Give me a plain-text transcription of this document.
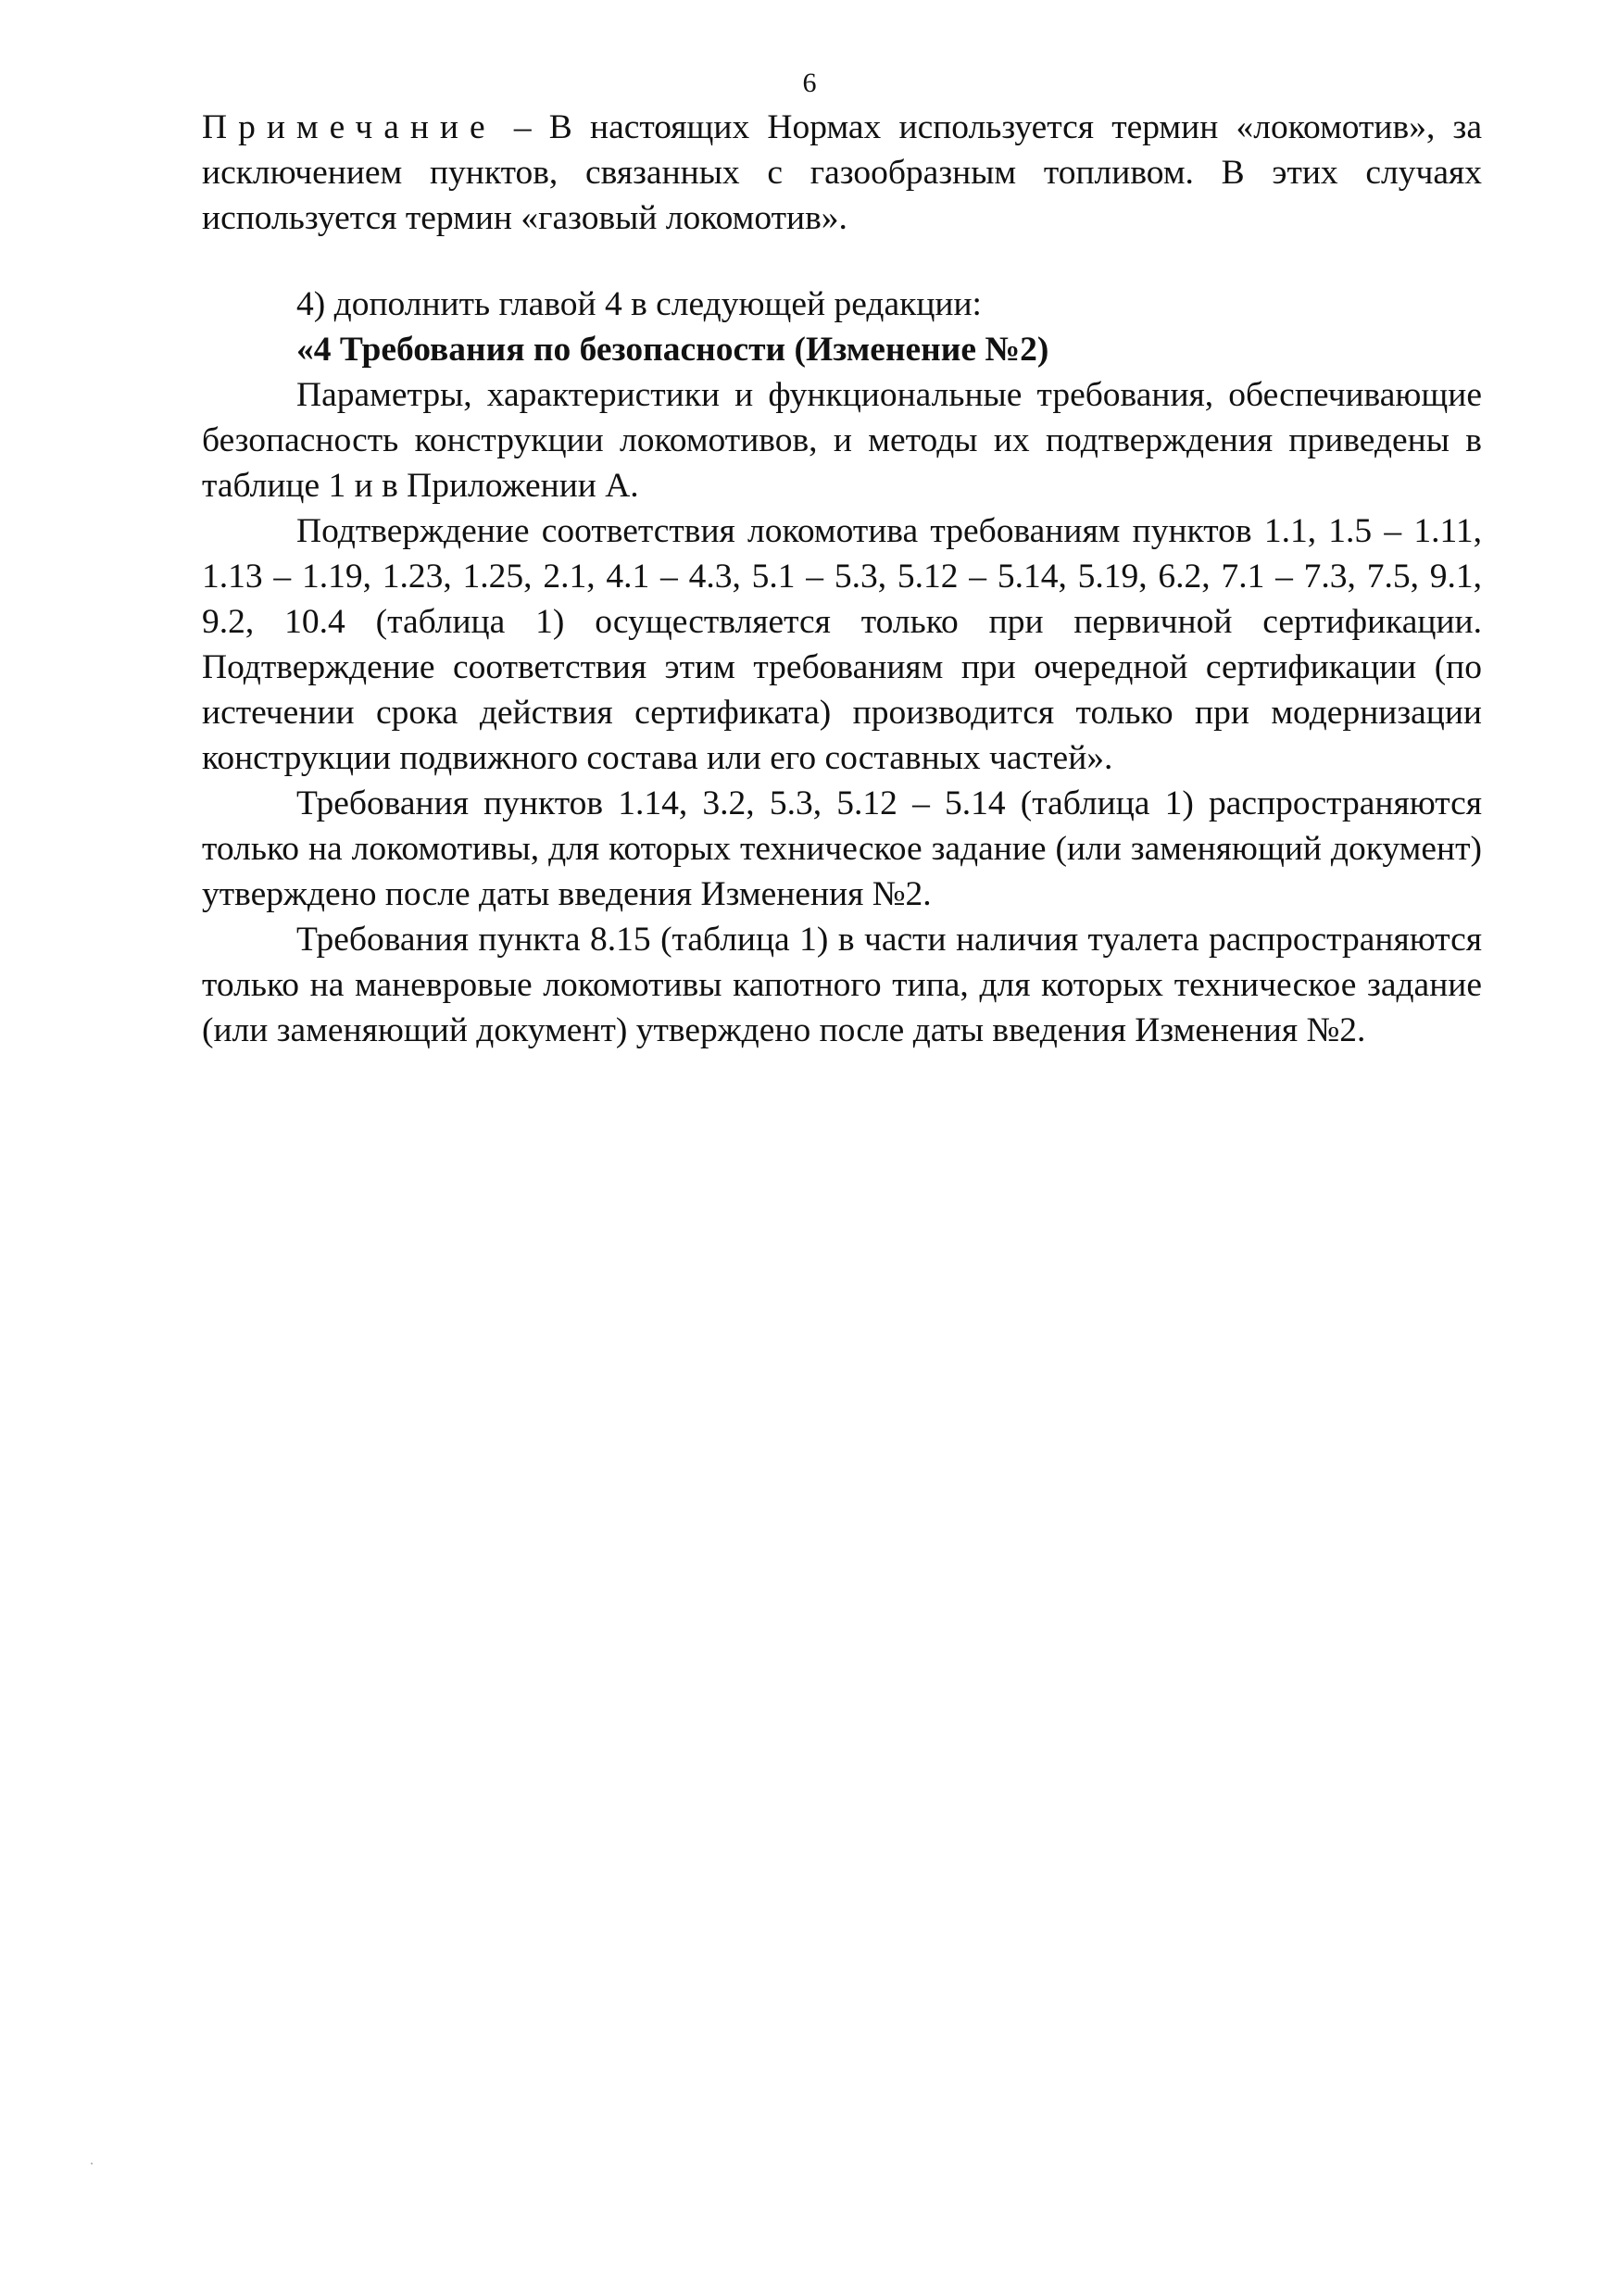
6

Примечание – В настоящих Нормах используется термин «локомотив», за исключением пунктов, связанных с газообразным топливом. В этих случаях используется термин «газовый локомотив».

4) дополнить главой 4 в следующей редакции:

«4 Требования по безопасности (Изменение №2)

Параметры, характеристики и функциональные требования, обеспечивающие безопасность конструкции локомотивов, и методы их подтверждения приведены в таблице 1 и в Приложении А.

Подтверждение соответствия локомотива требованиям пунктов 1.1, 1.5 – 1.11, 1.13 – 1.19, 1.23, 1.25, 2.1, 4.1 – 4.3, 5.1 – 5.3, 5.12 – 5.14, 5.19, 6.2, 7.1 – 7.3, 7.5, 9.1, 9.2, 10.4 (таблица 1) осуществляется только при первичной сертификации. Подтверждение соответствия этим требованиям при очередной сертификации (по истечении срока действия сертификата) производится только при модернизации конструкции подвижного состава или его составных частей».

Требования пунктов 1.14, 3.2, 5.3, 5.12 – 5.14 (таблица 1) распространяются только на локомотивы, для которых техническое задание (или заменяющий документ) утверждено после даты введения Изменения №2.

Требования пункта 8.15 (таблица 1) в части наличия туалета распространяются только на маневровые локомотивы капотного типа, для которых техническое задание (или заменяющий документ) утверждено после даты введения Изменения №2.
